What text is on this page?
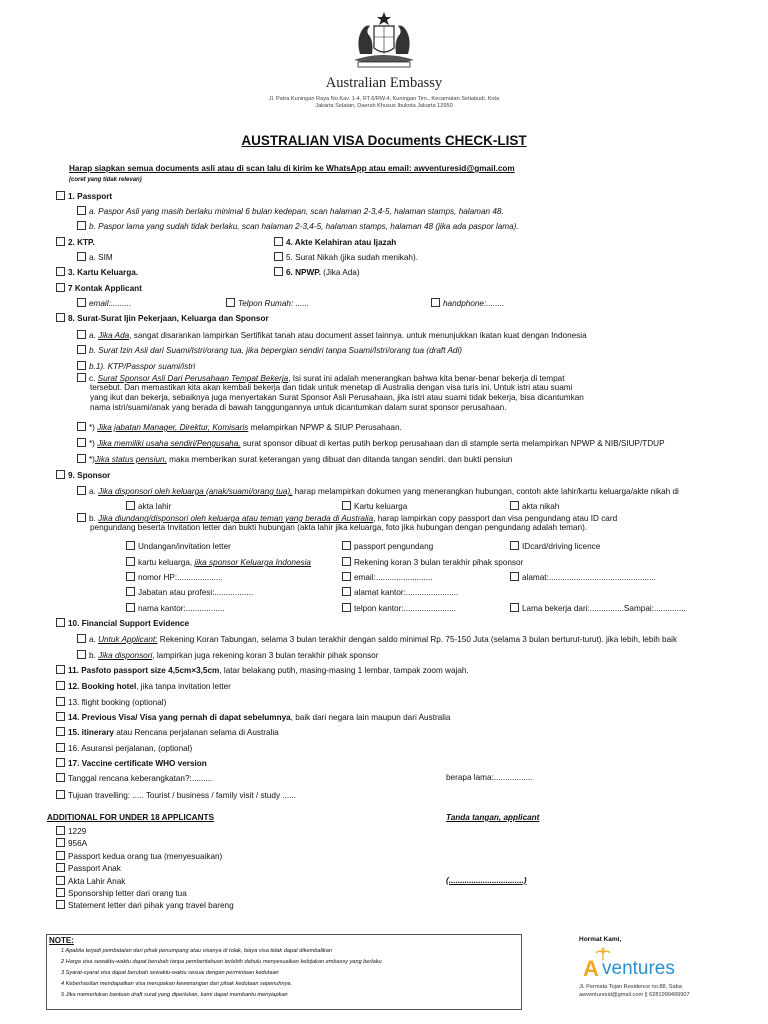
Australian Embassy
Jl. Patra Kuningan Raya No.Kav. 1-4, RT.6/RW.4, Kuningan Tim., Kecamatan Setiabudi, Kota
Jakarta Selatan, Daerah Khusus Ibukota Jakarta 12950
AUSTRALIAN VISA Documents CHECK-LIST
Harap siapkan semua documents asli atau di scan lalu di kirim ke WhatsApp atau email: awventuresid@gmail.com
(coret yang tidak relevan)
1. Passport
a. Paspor Asli yang masih berlaku minimal 6 bulan kedepan, scan halaman 2-3,4-5, halaman stamps, halaman 48.
b. Paspor lama yang sudah tidak berlaku, scan halaman 2-3,4-5, halaman stamps, halaman 48 (jika ada paspor lama).
2. KTP.	4. Akte Kelahiran atau Ijazah
a. SIM	5. Surat Nikah (jika sudah menikah).
3. Kartu Keluarga.	6. NPWP. (Jika Ada)
7 Kontak Applicant
email:.........	Telpon Rumah: ......	handphone:........
8. Surat-Surat Ijin Pekerjaan, Keluarga dan Sponsor
a. Jika Ada, sangat disarankan lampirkan Sertifikat tanah atau document asset lainnya. untuk menunjukkan ikatan kuat dengan Indonesia
b. Surat Izin Asli dari Suami/Istri/orang tua, jika bepergian sendiri tanpa Suami/Istri/orang tua (draft Adi)
b.1). KTP/Passpor suami/istri
c. Surat Sponsor Asli Dari Perusahaan Tempat Bekerja, Isi surat ini adalah menerangkan bahwa kita benar-benar bekerja di tempat
tersebut. Dan memastikan kita akan kembali bekerja dan tidak untuk menetap di Australia dengan visa turis ini. Untuk istri atau suami
yang ikut dan bekerja, sebaiknya juga menyertakan Surat Sponsor Asli Perusahaan, jika istri atau suami tidak bekerja, bisa dicantumkan
nama istri/suami/anak yang berada di bawah tanggungannya untuk dicantumkan dalam surat sponsor perusahaan.
*) Jika jabatan Manager, Direktur, Komisaris melampirkan NPWP & SIUP Perusahaan.
*) Jika memiliki usaha sendiri/Pengusaha, surat sponsor dibuat di kertas putih berkop perusahaan dan di stample serta melampirkan NPWP & NIB/SIUP/TDUP
*)Jika status pensiun, maka memberikan surat keterangan yang dibuat dan ditanda tangan sendiri. dan bukti pensiun
9. Sponsor
a. Jika disponsori oleh keluarga (anak/suami/orang tua), harap melampirkan dokumen yang menerangkan hubungan, contoh akte lahir/kartu keluarga/akte nikah di
akta lahir	Kartu keluarga	akta nikah
b. Jika diundang/disponsori oleh keluarga atau teman yang berada di Australia, harap lampirkan copy passport dan visa pengundang atau ID card
pengundang beserta Invitation letter dan bukti hubungan (akta lahir jika keluarga, foto jika hubungan dengan pengundang adalah teman).
Undangan/invitation letter	passport pengundang	IDcard/driving licence
kartu keluarga, jika sponsor Keluarga Indonesia	Rekening koran 3 bulan terakhir pihak sponsor
nomor HP:....................	email:.........................	alamat:...............................................
Jabatan atau profesi:.................	alamat kantor:.......................
nama kantor:.................	telpon kantor:.......................	Lama bekerja dari:...............Sampai:..............
10. Financial Support Evidence
a. Untuk Applicant: Rekening Koran Tabungan, selama 3 bulan terakhir dengan saldo minimal Rp. 75-150 Juta (selama 3 bulan berturut-turut). jika lebih, lebih baik
b. Jika disponsori, lampirkan juga rekening koran 3 bulan terakhir pihak sponsor
11. Pasfoto passport size 4,5cm×3,5cm, latar belakang putih, masing-masing 1 lembar, tampak zoom wajah.
12. Booking hotel, jika tanpa invitation letter
13. flight booking (optional)
14. Previous Visa/ Visa yang pernah di dapat sebelumnya, baik dari negara lain maupun dari Australia
15. itinerary atau Rencana perjalanan selama di Australia
16. Asuransi perjalanan, (optional)
17. Vaccine certificate WHO version
Tanggal rencana keberangkatan?:.........	berapa lama:.................
Tujuan travelling: ..... Tourist / business / family visit / study ......
ADDITIONAL FOR UNDER 18 APPLICANTS	Tanda tangan, applicant
1229
956A
Passport kedua orang tua (menyesuaikan)
Passport Anak
Akta Lahir Anak
Sponsorship letter dari orang tua
Statement letter dari pihak yang travel bareng
(.................................)
NOTE:
1 Apabila terjadi pembatalan dari pihak penumpang atau visanya di tolak, biaya visa tidak dapat dikembalikan
2 Harga visa sewaktu-waktu dapat berubah tanpa pemberitahuan terlebih dahulu menyesuaikan kebijakan embassy yang berlaku
3 Syarat-syarat visa dapat berubah sewaktu-waktu sesuai dengan permintaan kedutaan
4 Keberhasilan mendapatkan visa merupakan kewenangan dari pihak kedutaan sepenuhnya.
5 Jika memerlukan bantuan draft surat yang diperlukan, kami dapat membantu menyiapkan
Hormat Kami,
A ventures
Jl. Permata Tojan Residence no.88, Saba
awventuresid@gmail.com || 6281999499907
